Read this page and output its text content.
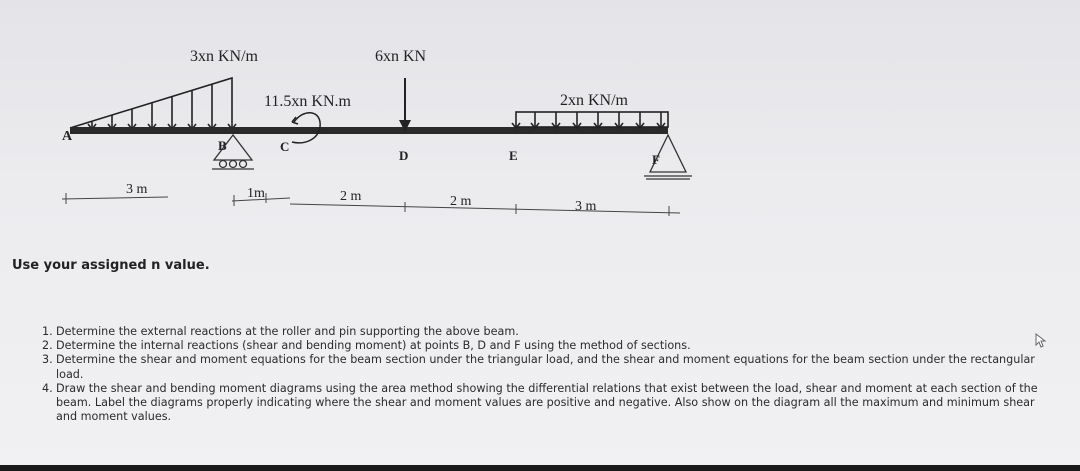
3xn KN/m	6xn KN
11.5xn KN.m	2xn KN/m
A
B	C
D	E	F
3 m	1m	2 m	2 m	3 m
Use your assigned n value.
1. Determine the external reactions at the roller and pin supporting the above beam.
2. Determine the internal reactions (shear and bending moment) at points B, D and F using the method of sections.
3. Determine the shear and moment equations for the beam section under the triangular load, and the shear and moment equations for the beam section under the rectangular load.
4. Draw the shear and bending moment diagrams using the area method showing the differential relations that exist between the load, shear and moment at each section of the beam. Label the diagrams properly indicating where the shear and moment values are positive and negative. Also show on the diagram all the maximum and minimum shear and moment values.
